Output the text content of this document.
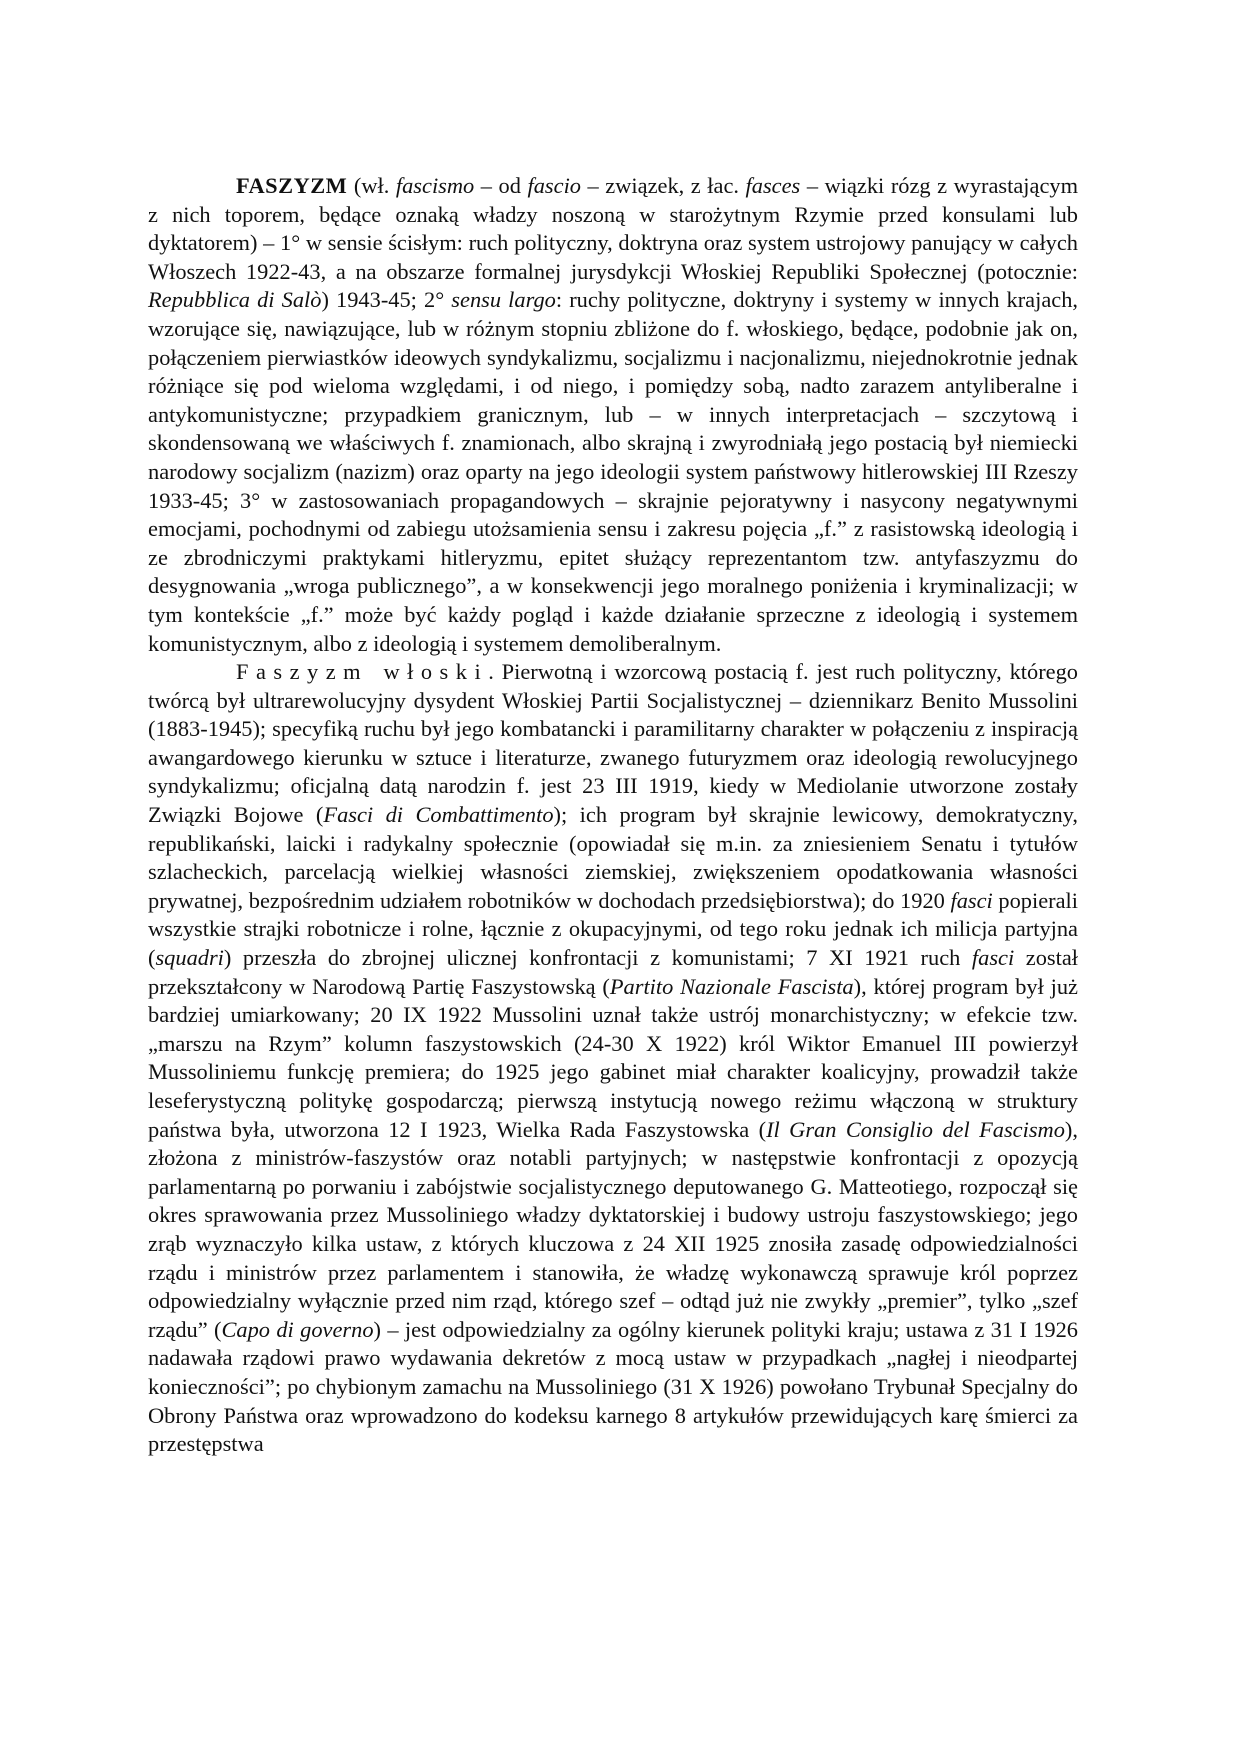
FASZYZM (wł. fascismo – od fascio – związek, z łac. fasces – wiązki rózg z wyrastającym z nich toporem, będące oznaką władzy noszoną w starożytnym Rzymie przed konsulami lub dyktatorem) – 1° w sensie ścisłym: ruch polityczny, doktryna oraz system ustrojowy panujący w całych Włoszech 1922-43, a na obszarze formalnej jurysdykcji Włoskiej Republiki Społecznej (potocznie: Repubblica di Salò) 1943-45; 2° sensu largo: ruchy polityczne, doktryny i systemy w innych krajach, wzorujące się, nawiązujące, lub w różnym stopniu zbliżone do f. włoskiego, będące, podobnie jak on, połączeniem pierwiastków ideowych syndykalizmu, socjalizmu i nacjonalizmu, niejednokrotnie jednak różniące się pod wieloma względami, i od niego, i pomiędzy sobą, nadto zarazem antyliberalne i antykomunistyczne; przypadkiem granicznym, lub – w innych interpretacjach – szczytową i skondensowaną we właściwych f. znamionach, albo skrajną i zwyrodniałą jego postacią był niemiecki narodowy socjalizm (nazizm) oraz oparty na jego ideologii system państwowy hitlerowskiej III Rzeszy 1933-45; 3° w zastosowaniach propagandowych – skrajnie pejoratywny i nasycony negatywnymi emocjami, pochodnymi od zabiegu utożsamienia sensu i zakresu pojęcia „f.” z rasistowską ideologią i ze zbrodniczymi praktykami hitleryzmu, epitet służący reprezentantom tzw. antyfaszyzmu do desygnowania „wroga publicznego”, a w konsekwencji jego moralnego poniżenia i kryminalizacji; w tym kontekście „f.” może być każdy pogląd i każde działanie sprzeczne z ideologią i systemem komunistycznym, albo z ideologią i systemem demoliberalnym.

Faszyzm włoski. Pierwotną i wzorcową postacią f. jest ruch polityczny, którego twórcą był ultrarewolucyjny dysydent Włoskiej Partii Socjalistycznej – dziennikarz Benito Mussolini (1883-1945); specyfiką ruchu był jego kombatancki i paramilitarny charakter w połączeniu z inspiracją awangardowego kierunku w sztuce i literaturze, zwanego futuryzmem oraz ideologią rewolucyjnego syndykalizmu; oficjalną datą narodzin f. jest 23 III 1919, kiedy w Mediolanie utworzone zostały Związki Bojowe (Fasci di Combattimento); ich program był skrajnie lewicowy, demokratyczny, republikański, laicki i radykalny społecznie (opowiadał się m.in. za zniesieniem Senatu i tytułów szlacheckich, parcelacją wielkiej własności ziemskiej, zwiększeniem opodatkowania własności prywatnej, bezpośrednim udziałem robotników w dochodach przedsiębiorstwa); do 1920 fasci popierali wszystkie strajki robotnicze i rolne, łącznie z okupacyjnymi, od tego roku jednak ich milicja partyjna (squadri) przeszła do zbrojnej ulicznej konfrontacji z komunistami; 7 XI 1921 ruch fasci został przekształcony w Narodową Partię Faszystowską (Partito Nazionale Fascista), której program był już bardziej umiarkowany; 20 IX 1922 Mussolini uznał także ustrój monarchistyczny; w efekcie tzw. „marszu na Rzym” kolumn faszystowskich (24-30 X 1922) król Wiktor Emanuel III powierzył Mussoliniemu funkcję premiera; do 1925 jego gabinet miał charakter koalicyjny, prowadził także leseferystyczną politykę gospodarczą; pierwszą instytucją nowego reżimu włączoną w struktury państwa była, utworzona 12 I 1923, Wielka Rada Faszystowska (Il Gran Consiglio del Fascismo), złożona z ministrów-faszystów oraz notabli partyjnych; w następstwie konfrontacji z opozycją parlamentarną po porwaniu i zabójstwie socjalistycznego deputowanego G. Matteotiego, rozpoczął się okres sprawowania przez Mussoliniego władzy dyktatorskiej i budowy ustroju faszystowskiego; jego zrąb wyznaczyło kilka ustaw, z których kluczowa z 24 XII 1925 znosiła zasadę odpowiedzialności rządu i ministrów przez parlamentem i stanowiła, że władzę wykonawczą sprawuje król poprzez odpowiedzialny wyłącznie przed nim rząd, którego szef – odtąd już nie zwykły „premier”, tylko „szef rządu” (Capo di governo) – jest odpowiedzialny za ogólny kierunek polityki kraju; ustawa z 31 I 1926 nadawała rządowi prawo wydawania dekretów z mocą ustaw w przypadkach „nagłej i nieodpartej konieczności”; po chybionym zamachu na Mussoliniego (31 X 1926) powołano Trybunał Specjalny do Obrony Państwa oraz wprowadzono do kodeksu karnego 8 artykułów przewidujących karę śmierci za przestępstwa
